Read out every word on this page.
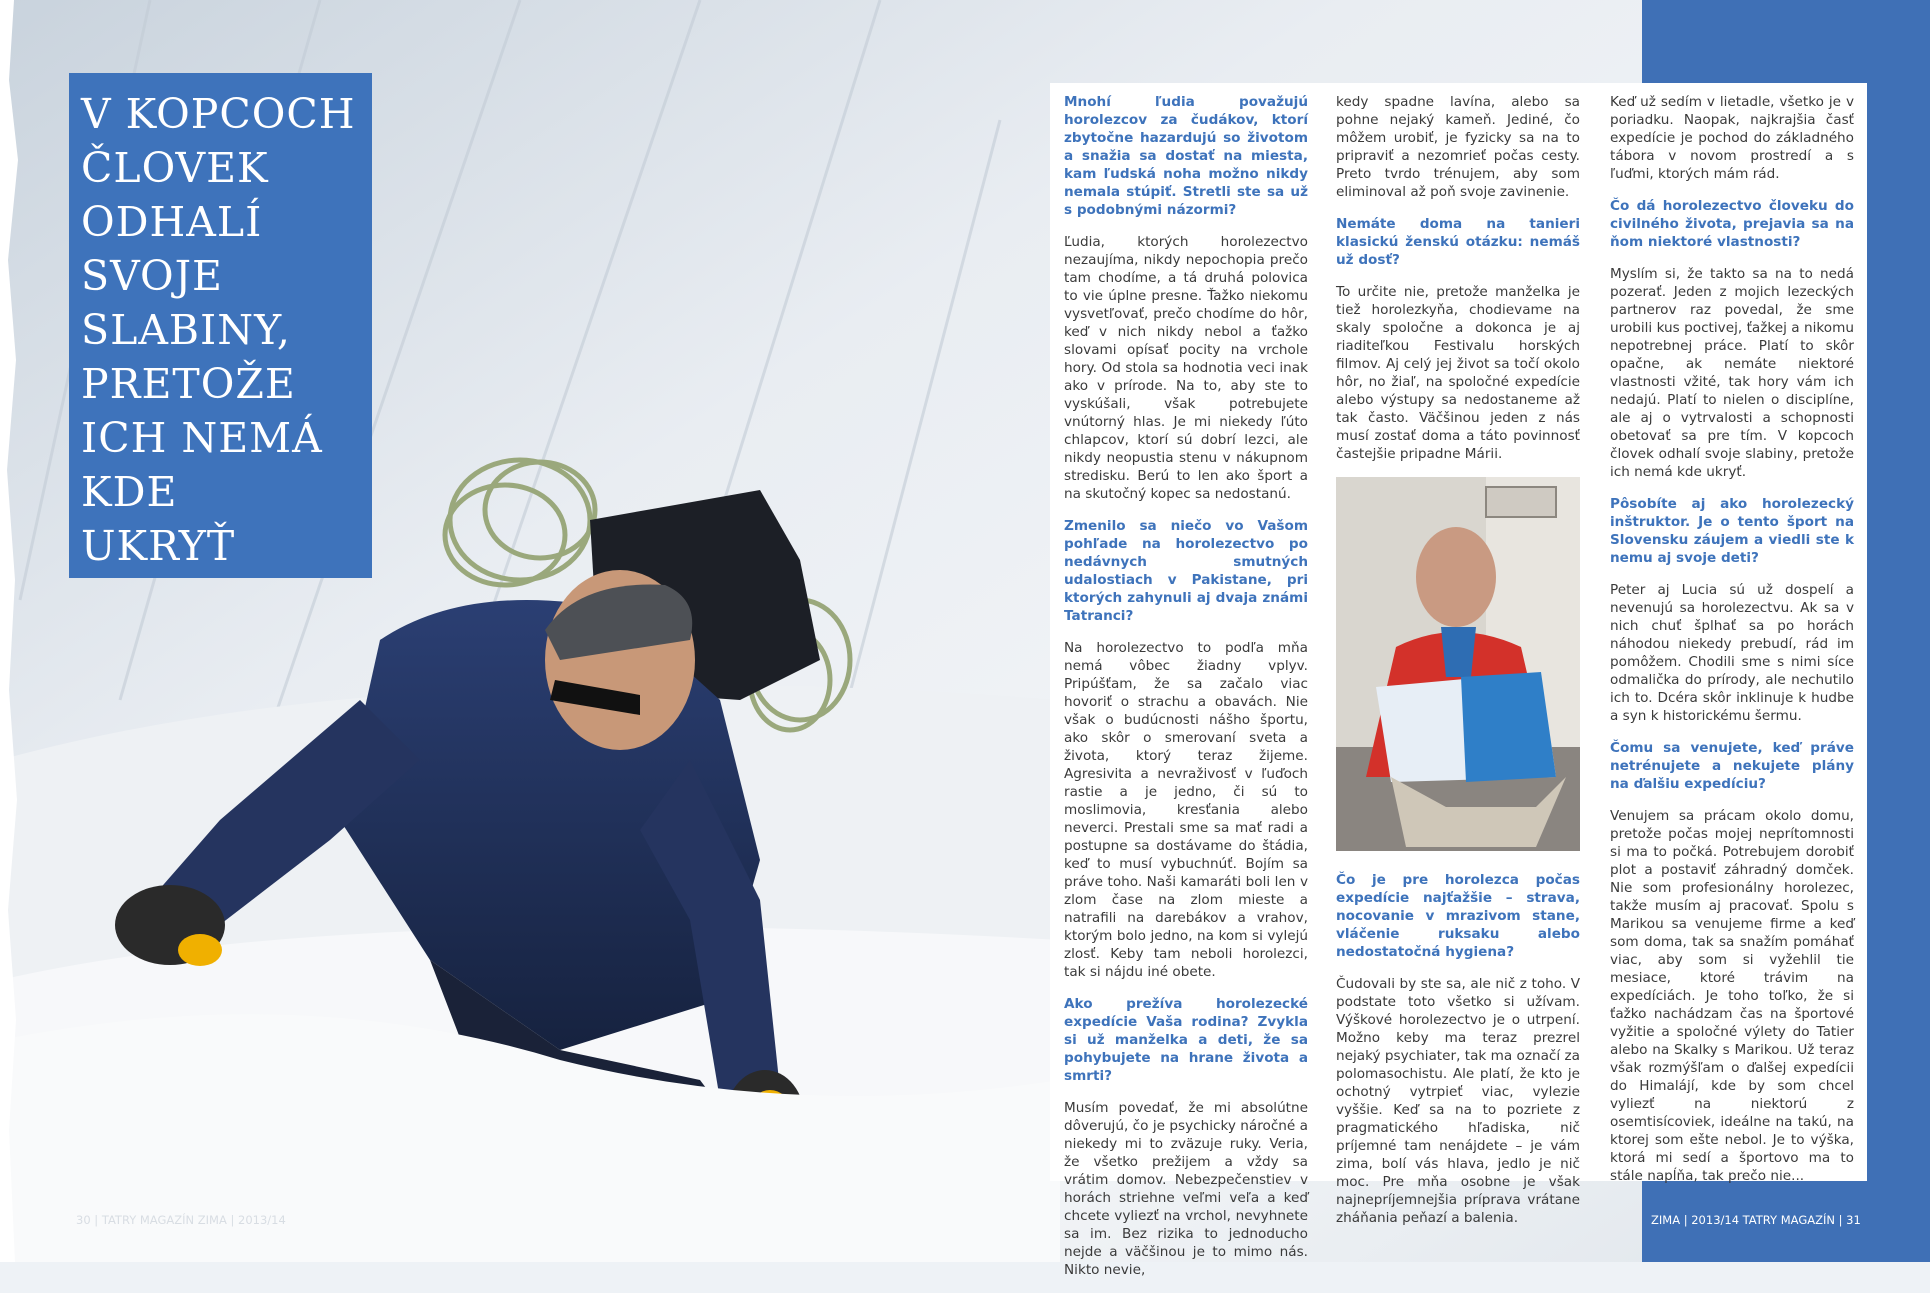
V KOPCOCH
ČLOVEK
ODHALÍ
SVOJE
SLABINY,
PRETOŽE
ICH NEMÁ
KDE
UKRYŤ

Mnohí ľudia považujú horolezcov za čudákov, ktorí zbytočne hazardujú so životom a snažia sa dostať na miesta, kam ľudská noha možno nikdy nemala stúpiť. Stretli ste sa už s podobnými názormi?

Ľudia, ktorých horolezectvo nezaujíma, nikdy nepochopia prečo tam chodíme, a tá druhá polovica to vie úplne presne. Ťažko niekomu vysvetľovať, prečo chodíme do hôr, keď v nich nikdy nebol a ťažko slovami opísať pocity na vrchole hory. Od stola sa hodnotia veci inak ako v prírode. Na to, aby ste to vyskúšali, však potrebujete vnútorný hlas. Je mi niekedy ľúto chlapcov, ktorí sú dobrí lezci, ale nikdy neopustia stenu v nákupnom stredisku. Berú to len ako šport a na skutočný kopec sa nedostanú.

Zmenilo sa niečo vo Vašom pohľade na horolezectvo po nedávnych smutných udalostiach v Pakistane, pri ktorých zahynuli aj dvaja známi Tatranci?

Na horolezectvo to podľa mňa nemá vôbec žiadny vplyv. Pripúšťam, že sa začalo viac hovoriť o strachu a obavách. Nie však o budúcnosti nášho športu, ako skôr o smerovaní sveta a života, ktorý teraz žijeme. Agresivita a nevraživosť v ľuďoch rastie a je jedno, či sú to moslimovia, kresťania alebo neverci. Prestali sme sa mať radi a postupne sa dostávame do štádia, keď to musí vybuchnúť. Bojím sa práve toho. Naši kamaráti boli len v zlom čase na zlom mieste a natrafili na darebákov a vrahov, ktorým bolo jedno, na kom si vylejú zlosť. Keby tam neboli horolezci, tak si nájdu iné obete.

Ako prežíva horolezecké expedície Vaša rodina? Zvykla si už manželka a deti, že sa pohybujete na hrane života a smrti?

Musím povedať, že mi absolútne dôverujú, čo je psychicky náročné a niekedy mi to zväzuje ruky. Veria, že všetko prežijem a vždy sa vrátim domov. Nebezpečenstiev v horách striehne veľmi veľa a keď chcete vyliezť na vrchol, nevyhnete sa im. Bez rizika to jednoducho nejde a väčšinou je to mimo nás. Nikto nevie,

kedy spadne lavína, alebo sa pohne nejaký kameň. Jediné, čo môžem urobiť, je fyzicky sa na to pripraviť a nezomrieť počas cesty. Preto tvrdo trénujem, aby som eliminoval až poň svoje zavinenie.

Nemáte doma na tanieri klasickú ženskú otázku: nemáš už dosť?

To určite nie, pretože manželka je tiež horolezkyňa, chodievame na skaly spoločne a dokonca je aj riaditeľkou Festivalu horských filmov. Aj celý jej život sa točí okolo hôr, no žiaľ, na spoločné expedície alebo výstupy sa nedostaneme až tak často. Väčšinou jeden z nás musí zostať doma a táto povinnosť častejšie pripadne Márii.

Čo je pre horolezca počas expedície najťažšie – strava, nocovanie v mrazivom stane, vláčenie ruksaku alebo nedostatočná hygiena?

Čudovali by ste sa, ale nič z toho. V podstate toto všetko si užívam. Výškové horolezectvo je o utrpení. Možno keby ma teraz prezrel nejaký psychiater, tak ma označí za polomasochistu. Ale platí, že kto je ochotný vytrpieť viac, vylezie vyššie. Keď sa na to pozriete z pragmatického hľadiska, nič príjemné tam nenájdete – je vám zima, bolí vás hlava, jedlo je nič moc. Pre mňa osobne je však najnepríjemnejšia príprava vrátane zháňania peňazí a balenia.

Keď už sedím v lietadle, všetko je v poriadku. Naopak, najkrajšia časť expedície je pochod do základného tábora v novom prostredí a s ľuďmi, ktorých mám rád.

Čo dá horolezectvo človeku do civilného života, prejavia sa na ňom niektoré vlastnosti?

Myslím si, že takto sa na to nedá pozerať. Jeden z mojich lezeckých partnerov raz povedal, že sme urobili kus poctivej, ťažkej a nikomu nepotrebnej práce. Platí to skôr opačne, ak nemáte niektoré vlastnosti vžité, tak hory vám ich nedajú. Platí to nielen o disciplíne, ale aj o vytrvalosti a schopnosti obetovať sa pre tím. V kopcoch človek odhalí svoje slabiny, pretože ich nemá kde ukryť.

Pôsobíte aj ako horolezecký inštruktor. Je o tento šport na Slovensku záujem a viedli ste k nemu aj svoje deti?

Peter aj Lucia sú už dospelí a nevenujú sa horolezectvu. Ak sa v nich chuť šplhať sa po horách náhodou niekedy prebudí, rád im pomôžem. Chodili sme s nimi síce odmalička do prírody, ale nechutilo ich to. Dcéra skôr inklinuje k hudbe a syn k historickému šermu.

Čomu sa venujete, keď práve netrénujete a nekujete plány na ďalšiu expedíciu?

Venujem sa prácam okolo domu, pretože počas mojej neprítomnosti si ma to počká. Potrebujem dorobiť plot a postaviť záhradný domček. Nie som profesionálny horolezec, takže musím aj pracovať. Spolu s Marikou sa venujeme firme a keď som doma, tak sa snažím pomáhať viac, aby som si vyžehlil tie mesiace, ktoré trávim na expedíciách. Je toho toľko, že si ťažko nachádzam čas na športové vyžitie a spoločné výlety do Tatier alebo na Skalky s Marikou. Už teraz však rozmýšľam o ďalšej expedícii do Himalájí, kde by som chcel vyliezť na niektorú z osemtisícoviek, ideálne na takú, na ktorej som ešte nebol. Je to výška, ktorá mi sedí a športovo ma to stále napĺňa, tak prečo nie...

30 | TATRY MAGAZÍN ZIMA | 2013/14	ZIMA | 2013/14 TATRY MAGAZÍN | 31
